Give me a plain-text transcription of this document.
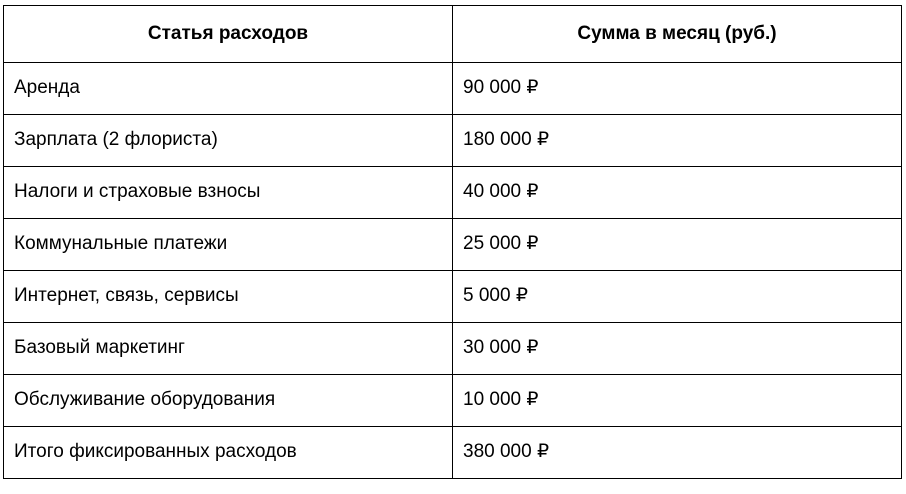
Статья расходов	Сумма в месяц (руб.)
Аренда	90 000 ₽
Зарплата (2 флориста)	180 000 ₽
Налоги и страховые взносы	40 000 ₽
Коммунальные платежи	25 000 ₽
Интернет, связь, сервисы	5 000 ₽
Базовый маркетинг	30 000 ₽
Обслуживание оборудования	10 000 ₽
Итого фиксированных расходов	380 000 ₽
